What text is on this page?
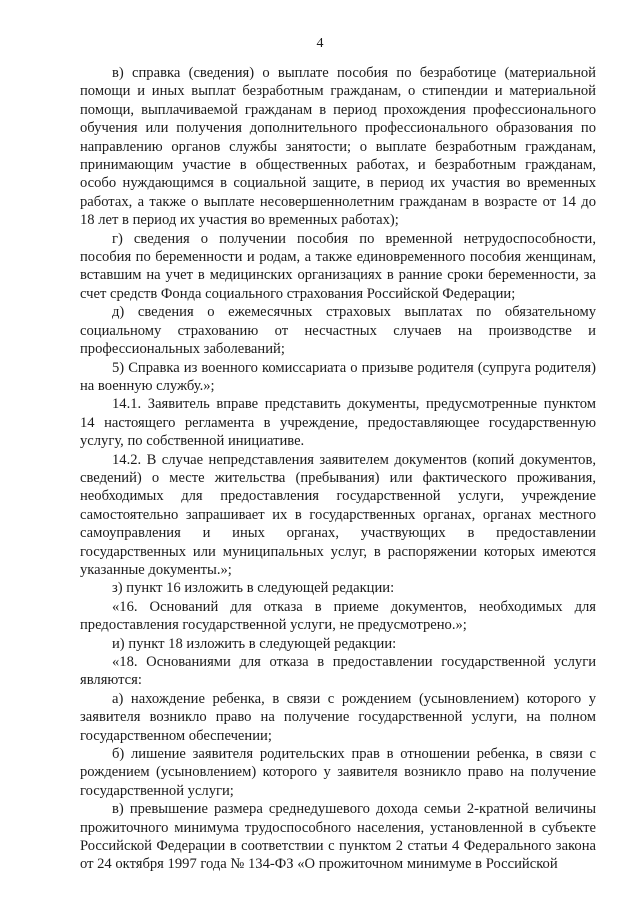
4

в) справка (сведения) о выплате пособия по безработице (материальной помощи и иных выплат безработным гражданам, о стипендии и материальной помощи, выплачиваемой гражданам в период прохождения профессионального обучения или получения дополнительного профессионального образования по направлению органов службы занятости; о выплате безработным гражданам, принимающим участие в общественных работах, и безработным гражданам, особо нуждающимся в социальной защите, в период их участия во временных работах, а также о выплате несовершеннолетним гражданам в возрасте от 14 до 18 лет в период их участия во временных работах);

г) сведения о получении пособия по временной нетрудоспособности, пособия по беременности и родам, а также единовременного пособия женщинам, вставшим на учет в медицинских организациях в ранние сроки беременности, за счет средств Фонда социального страхования Российской Федерации;

д) сведения о ежемесячных страховых выплатах по обязательному социальному страхованию от несчастных случаев на производстве и профессиональных заболеваний;

5) Справка из военного комиссариата о призыве родителя (супруга родителя) на военную службу.»;

14.1. Заявитель вправе представить документы, предусмотренные пунктом 14 настоящего регламента в учреждение, предоставляющее государственную услугу, по собственной инициативе.

14.2. В случае непредставления заявителем документов (копий документов, сведений) о месте жительства (пребывания) или фактического проживания, необходимых для предоставления государственной услуги, учреждение самостоятельно запрашивает их в государственных органах, органах местного самоуправления и иных органах, участвующих в предоставлении государственных или муниципальных услуг, в распоряжении которых имеются указанные документы.»;

з) пункт 16 изложить в следующей редакции:

«16. Оснований для отказа в приеме документов, необходимых для предоставления государственной услуги, не предусмотрено.»;

и) пункт 18 изложить в следующей редакции:

«18. Основаниями для отказа в предоставлении государственной услуги являются:

а) нахождение ребенка, в связи с рождением (усыновлением) которого у заявителя возникло право на получение государственной услуги, на полном государственном обеспечении;

б) лишение заявителя родительских прав в отношении ребенка, в связи с рождением (усыновлением) которого у заявителя возникло право на получение государственной услуги;

в) превышение размера среднедушевого дохода семьи 2-кратной величины прожиточного минимума трудоспособного населения, установленной в субъекте Российской Федерации в соответствии с пунктом 2 статьи 4 Федерального закона от 24 октября 1997 года № 134-ФЗ «О прожиточном минимуме в Российской
